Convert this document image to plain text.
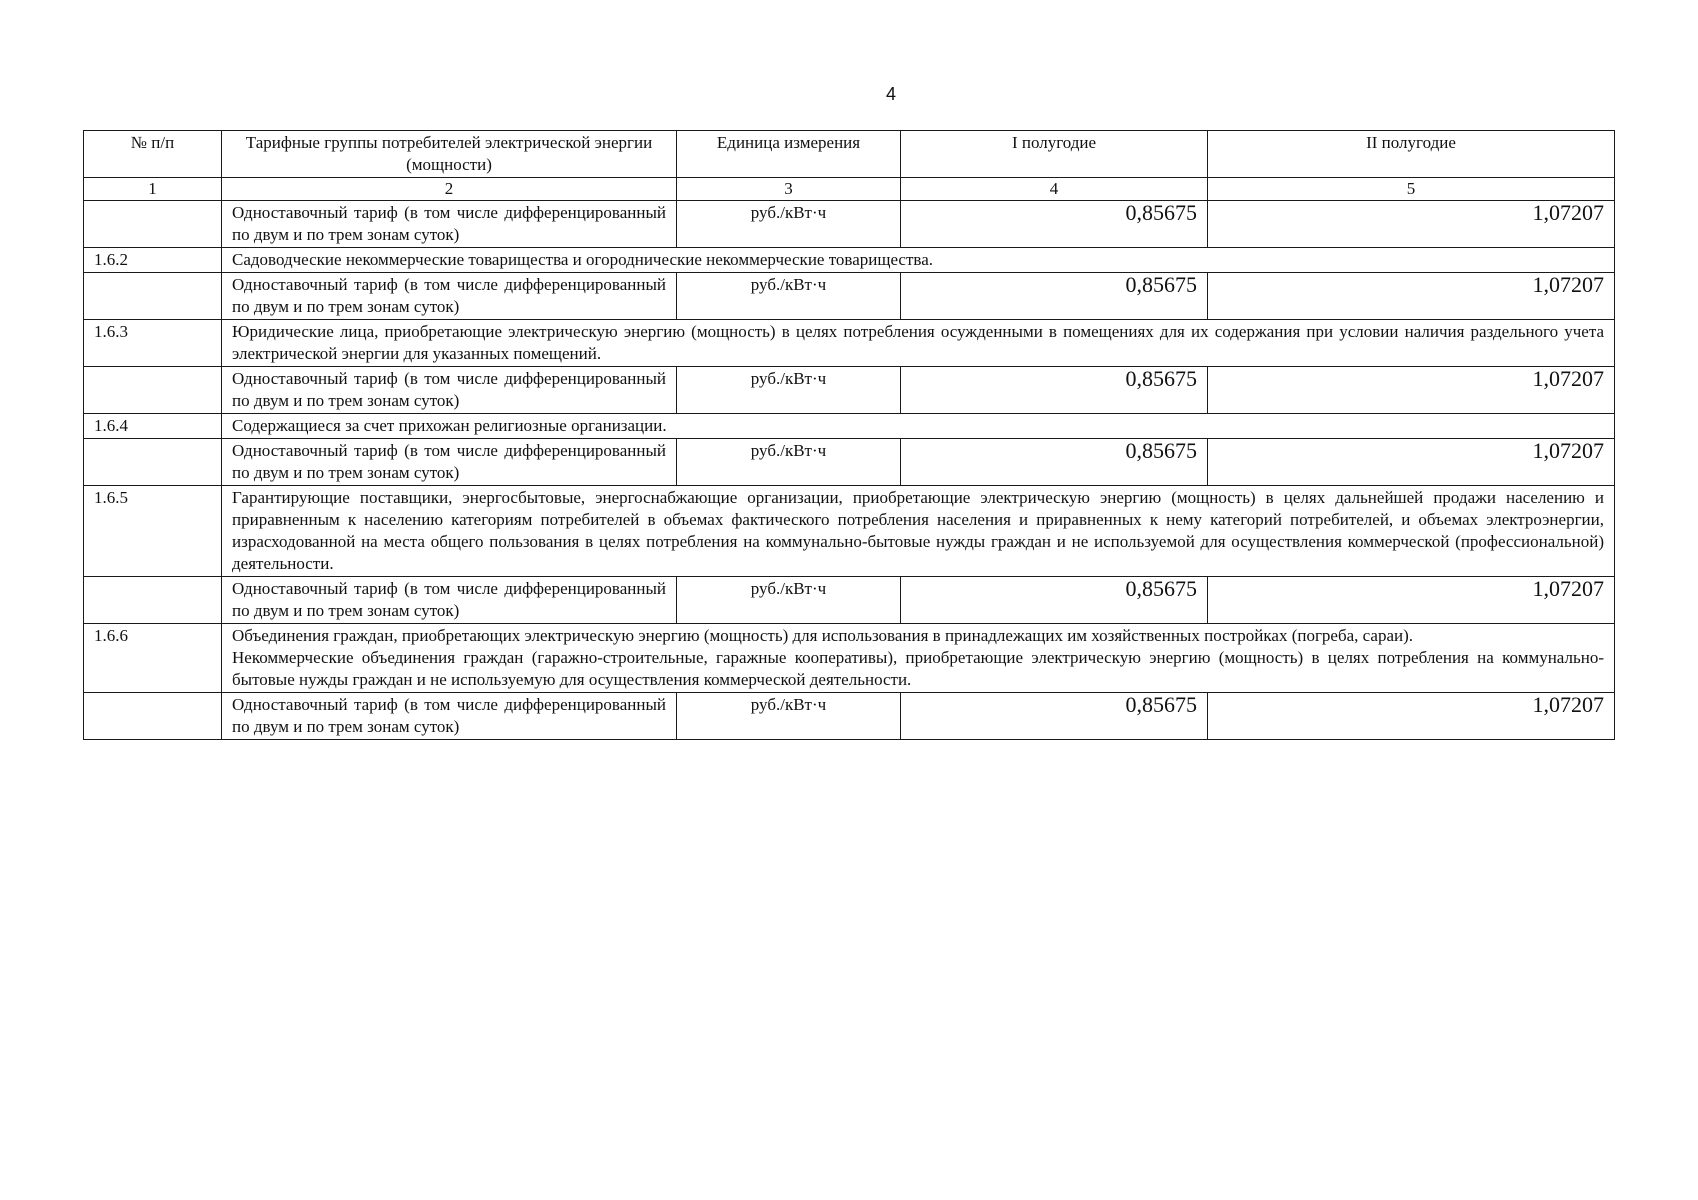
4
№ п/п	Тарифные группы потребителей электрической энергии (мощности)	Единица измерения	I полугодие	II полугодие
1	2	3	4	5
	Одноставочный тариф (в том числе дифференцированный по двум и по трем зонам суток)	руб./кВт·ч	0,85675	1,07207
1.6.2	Садоводческие некоммерческие товарищества и огороднические некоммерческие товарищества.			
	Одноставочный тариф (в том числе дифференцированный по двум и по трем зонам суток)	руб./кВт·ч	0,85675	1,07207
1.6.3	Юридические лица, приобретающие электрическую энергию (мощность) в целях потребления осужденными в помещениях для их содержания при условии наличия раздельного учета электрической энергии для указанных помещений.			
	Одноставочный тариф (в том числе дифференцированный по двум и по трем зонам суток)	руб./кВт·ч	0,85675	1,07207
1.6.4	Содержащиеся за счет прихожан религиозные организации.			
	Одноставочный тариф (в том числе дифференцированный по двум и по трем зонам суток)	руб./кВт·ч	0,85675	1,07207
1.6.5	Гарантирующие поставщики, энергосбытовые, энергоснабжающие организации, приобретающие электрическую энергию (мощность) в целях дальнейшей продажи населению и приравненным к населению категориям потребителей в объемах фактического потребления населения и приравненных к нему категорий потребителей, и объемах электроэнергии, израсходованной на места общего пользования в целях потребления на коммунально-бытовые нужды граждан и не используемой для осуществления коммерческой (профессиональной) деятельности.			
	Одноставочный тариф (в том числе дифференцированный по двум и по трем зонам суток)	руб./кВт·ч	0,85675	1,07207
1.6.6	Объединения граждан, приобретающих электрическую энергию (мощность) для использования в принадлежащих им хозяйственных постройках (погреба, сараи).
Некоммерческие объединения граждан (гаражно-строительные, гаражные кооперативы), приобретающие электрическую энергию (мощность) в целях потребления на коммунально-бытовые нужды граждан и не используемую для осуществления коммерческой деятельности.			

	Одноставочный тариф (в том числе дифференцированный по двум и по трем зонам суток)	руб./кВт·ч	0,85675	1,07207
